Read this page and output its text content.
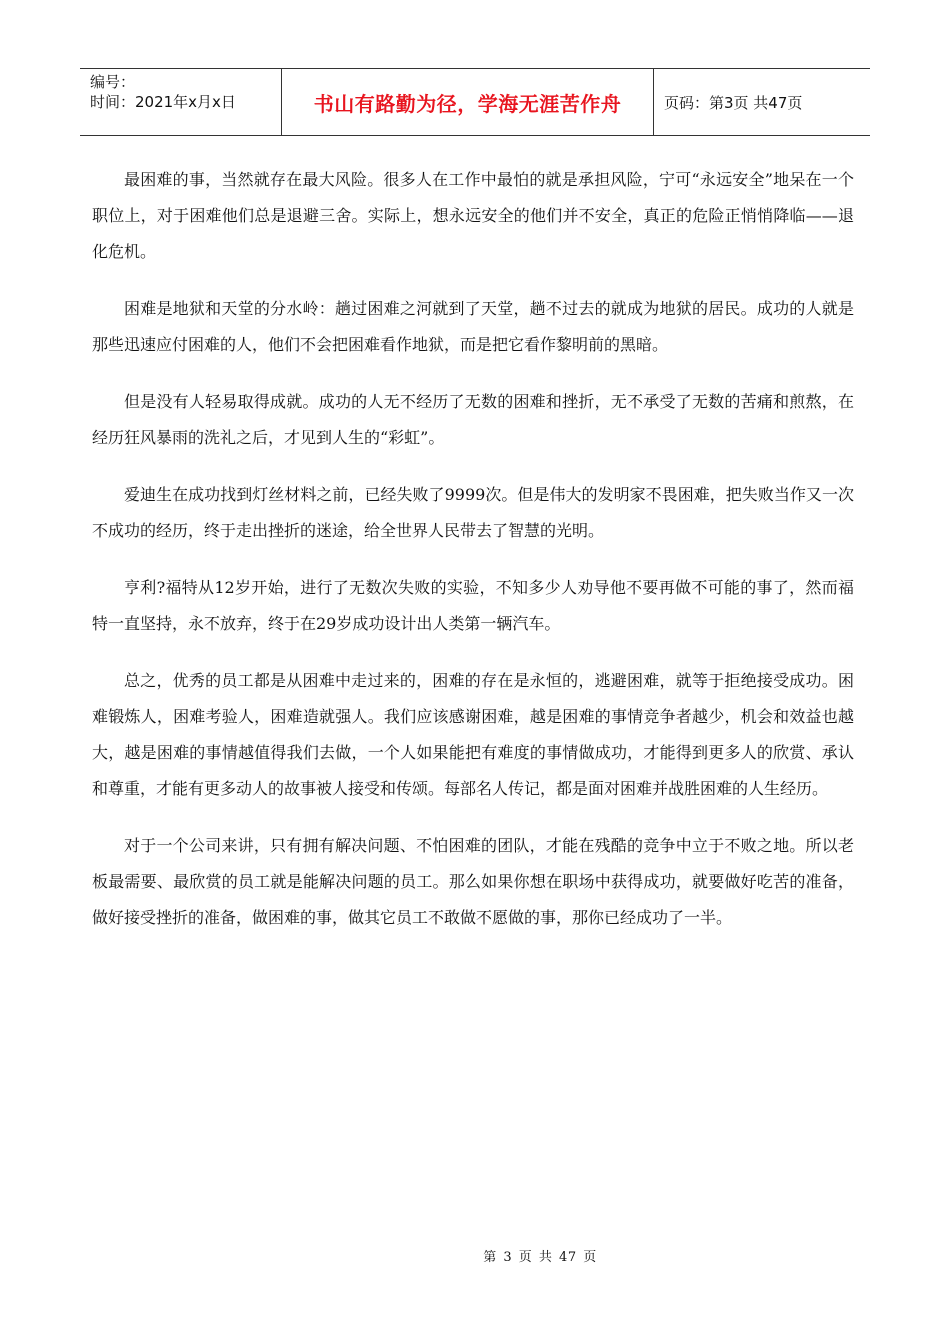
编号：
时间：2021年x月x日	书山有路勤为径，学海无涯苦作舟	页码：第3页 共47页

最困难的事，当然就存在最大风险。很多人在工作中最怕的就是承担风险，宁可“永远安全”地呆在一个职位上，对于困难他们总是退避三舍。实际上，想永远安全的他们并不安全，真正的危险正悄悄降临——退化危机。

困难是地狱和天堂的分水岭：趟过困难之河就到了天堂，趟不过去的就成为地狱的居民。成功的人就是那些迅速应付困难的人，他们不会把困难看作地狱，而是把它看作黎明前的黑暗。

但是没有人轻易取得成就。成功的人无不经历了无数的困难和挫折，无不承受了无数的苦痛和煎熬，在经历狂风暴雨的洗礼之后，才见到人生的“彩虹”。

爱迪生在成功找到灯丝材料之前，已经失败了9999次。但是伟大的发明家不畏困难，把失败当作又一次不成功的经历，终于走出挫折的迷途，给全世界人民带去了智慧的光明。

亨利?福特从12岁开始，进行了无数次失败的实验，不知多少人劝导他不要再做不可能的事了，然而福特一直坚持，永不放弃，终于在29岁成功设计出人类第一辆汽车。

总之，优秀的员工都是从困难中走过来的，困难的存在是永恒的，逃避困难，就等于拒绝接受成功。困难锻炼人，困难考验人，困难造就强人。我们应该感谢困难，越是困难的事情竞争者越少，机会和效益也越大，越是困难的事情越值得我们去做，一个人如果能把有难度的事情做成功，才能得到更多人的欣赏、承认和尊重，才能有更多动人的故事被人接受和传颂。每部名人传记，都是面对困难并战胜困难的人生经历。

对于一个公司来讲，只有拥有解决问题、不怕困难的团队，才能在残酷的竞争中立于不败之地。所以老板最需要、最欣赏的员工就是能解决问题的员工。那么如果你想在职场中获得成功，就要做好吃苦的准备，做好接受挫折的准备，做困难的事，做其它员工不敢做不愿做的事，那你已经成功了一半。

第 3 页 共 47 页
